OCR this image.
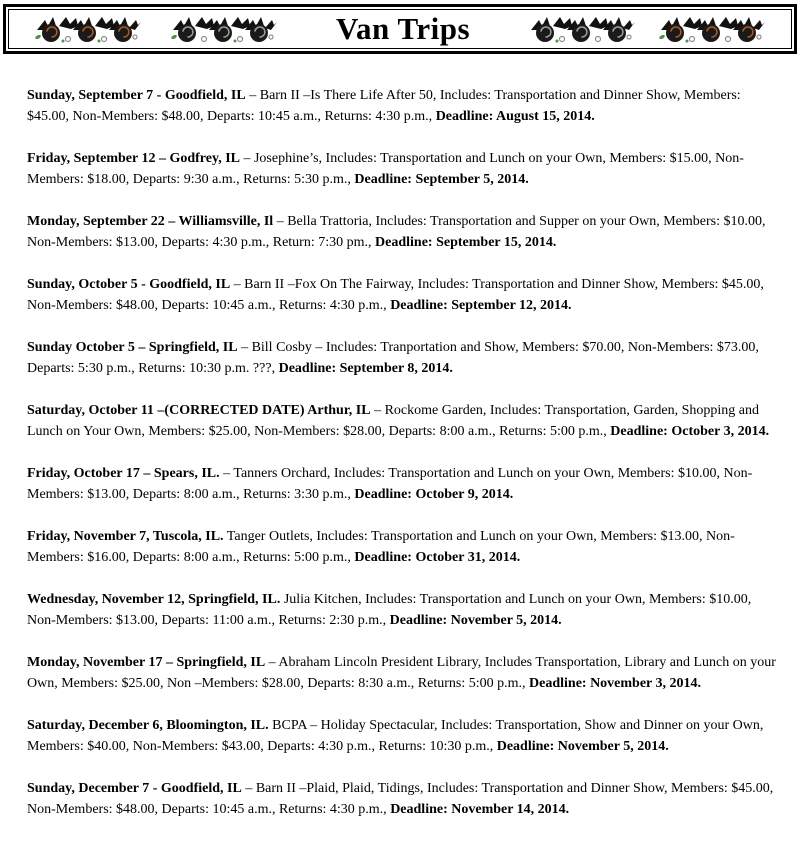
Van Trips

Sunday, September 7 - Goodfield, IL – Barn II –Is There Life After 50, Includes: Transportation and Dinner Show, Members: $45.00, Non-Members: $48.00, Departs: 10:45 a.m., Returns: 4:30 p.m., Deadline: August 15, 2014.

Friday, September 12 – Godfrey, IL – Josephine’s, Includes: Transportation and Lunch on your Own, Members: $15.00, Non-Members: $18.00, Departs: 9:30 a.m., Returns: 5:30 p.m., Deadline: September 5, 2014.

Monday, September 22 – Williamsville, Il – Bella Trattoria, Includes: Transportation and Supper on your Own, Members: $10.00, Non-Members: $13.00, Departs: 4:30 p.m., Return: 7:30 pm., Deadline: September 15, 2014.

Sunday, October 5 - Goodfield, IL – Barn II –Fox On The Fairway, Includes: Transportation and Dinner Show, Members: $45.00, Non-Members: $48.00, Departs: 10:45 a.m., Returns: 4:30 p.m., Deadline: September 12, 2014.

Sunday October 5 – Springfield, IL – Bill Cosby – Includes: Tranportation and Show, Members: $70.00, Non-Members: $73.00, Departs: 5:30 p.m., Returns: 10:30 p.m. ???, Deadline: September 8, 2014.

Saturday, October 11 –(CORRECTED DATE) Arthur, IL – Rockome Garden, Includes: Transportation, Garden, Shopping and Lunch on Your Own, Members: $25.00, Non-Members: $28.00, Departs: 8:00 a.m., Returns: 5:00 p.m., Deadline: October 3, 2014.

Friday, October 17 – Spears, IL. – Tanners Orchard, Includes: Transportation and Lunch on your Own, Members: $10.00, Non-Members: $13.00, Departs: 8:00 a.m., Returns: 3:30 p.m., Deadline: October 9, 2014.

Friday, November 7, Tuscola, IL. Tanger Outlets, Includes: Transportation and Lunch on your Own, Members: $13.00, Non-Members: $16.00, Departs: 8:00 a.m., Returns: 5:00 p.m., Deadline: October 31, 2014.

Wednesday, November 12, Springfield, IL. Julia Kitchen, Includes: Transportation and Lunch on your Own, Members: $10.00, Non-Members: $13.00, Departs: 11:00 a.m., Returns: 2:30 p.m., Deadline: November 5, 2014.

Monday, November 17 – Springfield, IL – Abraham Lincoln President Library, Includes Transportation, Library and Lunch on your Own, Members: $25.00, Non –Members: $28.00, Departs: 8:30 a.m., Returns: 5:00 p.m., Deadline: November 3, 2014.

Saturday, December 6, Bloomington, IL. BCPA – Holiday Spectacular, Includes: Transportation, Show and Dinner on your Own, Members: $40.00, Non-Members: $43.00, Departs: 4:30 p.m., Returns: 10:30 p.m., Deadline: November 5, 2014.

Sunday, December 7 - Goodfield, IL – Barn II –Plaid, Plaid, Tidings, Includes: Transportation and Dinner Show, Members: $45.00, Non-Members: $48.00, Departs: 10:45 a.m., Returns: 4:30 p.m., Deadline: November 14, 2014.
